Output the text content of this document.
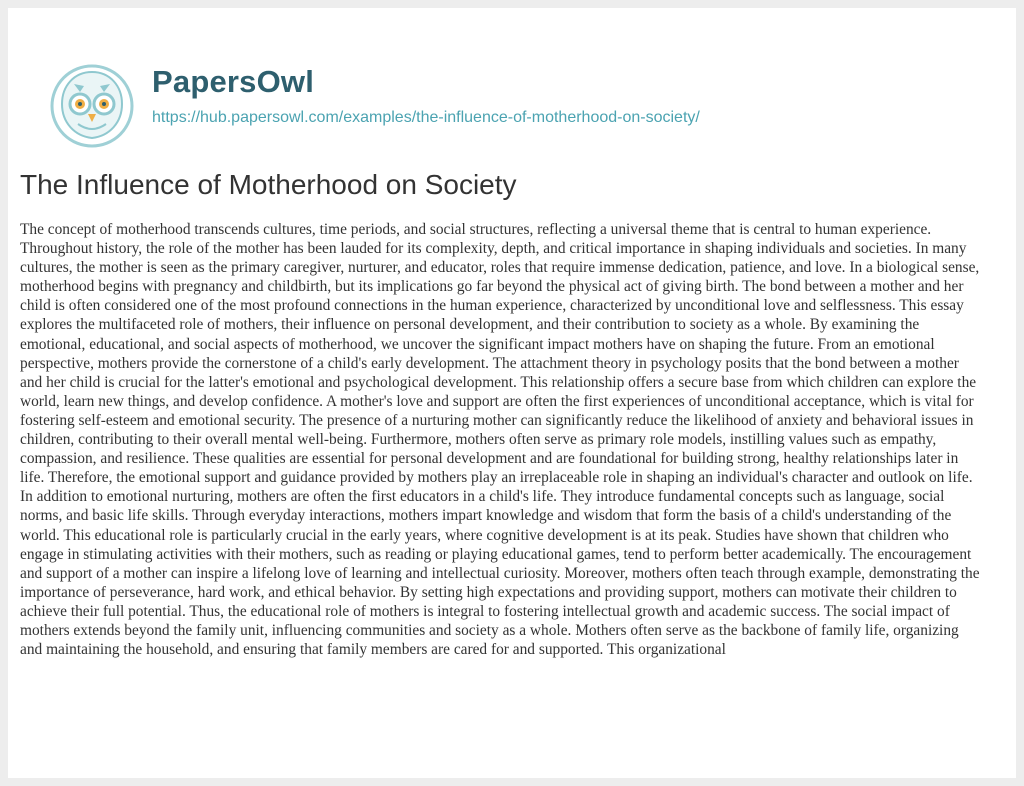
PapersOwl
https://hub.papersowl.com/examples/the-influence-of-motherhood-on-society/
The Influence of Motherhood on Society

The concept of motherhood transcends cultures, time periods, and social structures, reflecting a universal theme that is central to human experience. Throughout history, the role of the mother has been lauded for its complexity, depth, and critical importance in shaping individuals and societies. In many cultures, the mother is seen as the primary caregiver, nurturer, and educator, roles that require immense dedication, patience, and love. In a biological sense, motherhood begins with pregnancy and childbirth, but its implications go far beyond the physical act of giving birth. The bond between a mother and her child is often considered one of the most profound connections in the human experience, characterized by unconditional love and selflessness. This essay explores the multifaceted role of mothers, their influence on personal development, and their contribution to society as a whole. By examining the emotional, educational, and social aspects of motherhood, we uncover the significant impact mothers have on shaping the future. From an emotional perspective, mothers provide the cornerstone of a child's early development. The attachment theory in psychology posits that the bond between a mother and her child is crucial for the latter's emotional and psychological development. This relationship offers a secure base from which children can explore the world, learn new things, and develop confidence. A mother's love and support are often the first experiences of unconditional acceptance, which is vital for fostering self-esteem and emotional security. The presence of a nurturing mother can significantly reduce the likelihood of anxiety and behavioral issues in children, contributing to their overall mental well-being. Furthermore, mothers often serve as primary role models, instilling values such as empathy, compassion, and resilience. These qualities are essential for personal development and are foundational for building strong, healthy relationships later in life. Therefore, the emotional support and guidance provided by mothers play an irreplaceable role in shaping an individual's character and outlook on life. In addition to emotional nurturing, mothers are often the first educators in a child's life. They introduce fundamental concepts such as language, social norms, and basic life skills. Through everyday interactions, mothers impart knowledge and wisdom that form the basis of a child's understanding of the world. This educational role is particularly crucial in the early years, where cognitive development is at its peak. Studies have shown that children who engage in stimulating activities with their mothers, such as reading or playing educational games, tend to perform better academically. The encouragement and support of a mother can inspire a lifelong love of learning and intellectual curiosity. Moreover, mothers often teach through example, demonstrating the importance of perseverance, hard work, and ethical behavior. By setting high expectations and providing support, mothers can motivate their children to achieve their full potential. Thus, the educational role of mothers is integral to fostering intellectual growth and academic success. The social impact of mothers extends beyond the family unit, influencing communities and society as a whole. Mothers often serve as the backbone of family life, organizing and maintaining the household, and ensuring that family members are cared for and supported. This organizational
